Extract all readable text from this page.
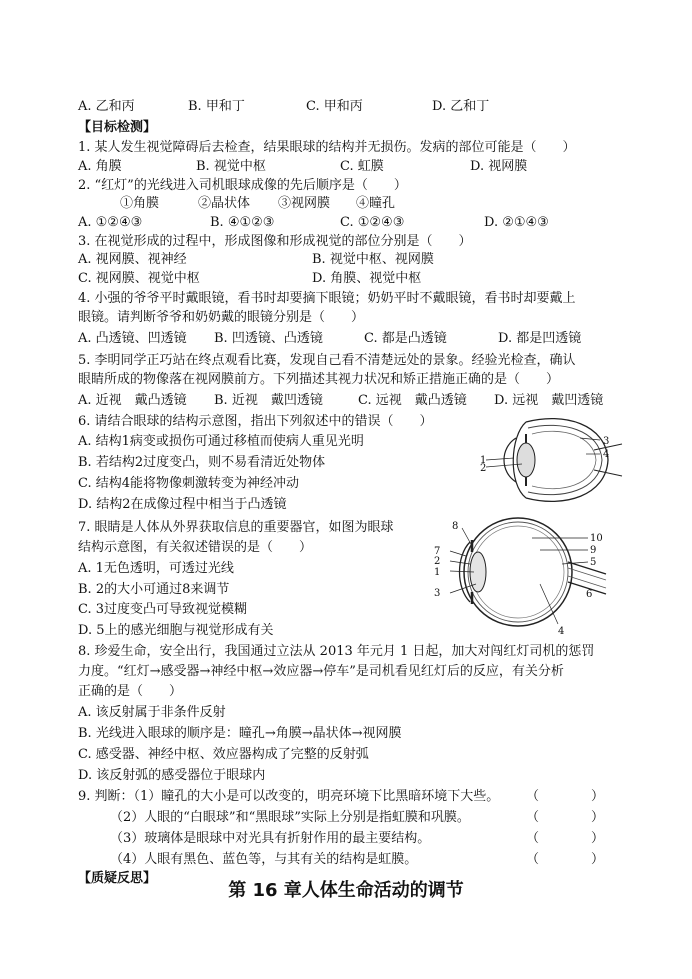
A. 乙和丙	B. 甲和丁	C. 甲和丙	D. 乙和丁
【目标检测】
1. 某人发生视觉障碍后去检查，结果眼球的结构并无损伤。发病的部位可能是（　　）
A. 角膜	B. 视觉中枢	C. 虹膜	D. 视网膜
2. “红灯”的光线进入司机眼球成像的先后顺序是（　　）
①角膜	②晶状体 ③视网膜 ④瞳孔
A. ①②④③	B. ④①②③	C. ①②④③	D. ②①④③
3. 在视觉形成的过程中，形成图像和形成视觉的部位分别是（　　）
A. 视网膜、视神经	B. 视觉中枢、视网膜
C. 视网膜、视觉中枢	D. 角膜、视觉中枢
4. 小强的爷爷平时戴眼镜，看书时却要摘下眼镜；奶奶平时不戴眼镜，看书时却要戴上
眼镜。请判断爷爷和奶奶戴的眼镜分别是（　　）
A. 凸透镜、凹透镜 B. 凹透镜、凸透镜	C. 都是凸透镜	D. 都是凹透镜
5. 李明同学正巧站在终点观看比赛，发现自己看不清楚远处的景象。经验光检查，确认
眼睛所成的物像落在视网膜前方。下列描述其视力状况和矫正措施正确的是（　　）
A. 近视　戴凸透镜 B. 近视　戴凹透镜	C. 远视　戴凸透镜 D. 远视　戴凹透镜
6. 请结合眼球的结构示意图，指出下列叙述中的错误（　　）
A. 结构1病变或损伤可通过移植而使病人重见光明
B. 若结构2过度变凸，则不易看清近处物体
C. 结构4能将物像刺激转变为神经冲动
D. 结构2在成像过程中相当于凸透镜
1
2
3
4
7. 眼睛是人体从外界获取信息的重要器官，如图为眼球
结构示意图，有关叙述错误的是（　　）
A. 1无色透明，可透过光线
B. 2的大小可通过8来调节
C. 3过度变凸可导致视觉模糊
D. 5上的感光细胞与视觉形成有关
8
7
2
1
3
10
9
5
6
4
8. 珍爱生命，安全出行，我国通过立法从 2013 年元月 1 日起，加大对闯红灯司机的惩罚
力度。“红灯→感受器→神经中枢→效应器→停车”是司机看见红灯后的反应，有关分析
正确的是（　　）
A. 该反射属于非条件反射
B. 光线进入眼球的顺序是：瞳孔→角膜→晶状体→视网膜
C. 感受器、神经中枢、效应器构成了完整的反射弧
D. 该反射弧的感受器位于眼球内
9. 判断：（1）瞳孔的大小是可以改变的，明亮环境下比黑暗环境下大些。 （　　　　）
（2）人眼的“白眼球”和“黑眼球”实际上分别是指虹膜和巩膜。	（　　　　）
（3）玻璃体是眼球中对光具有折射作用的最主要结构。	（　　　　）
（4）人眼有黑色、蓝色等，与其有关的结构是虹膜。	（　　　　）
【质疑反思】
第 16 章人体生命活动的调节
